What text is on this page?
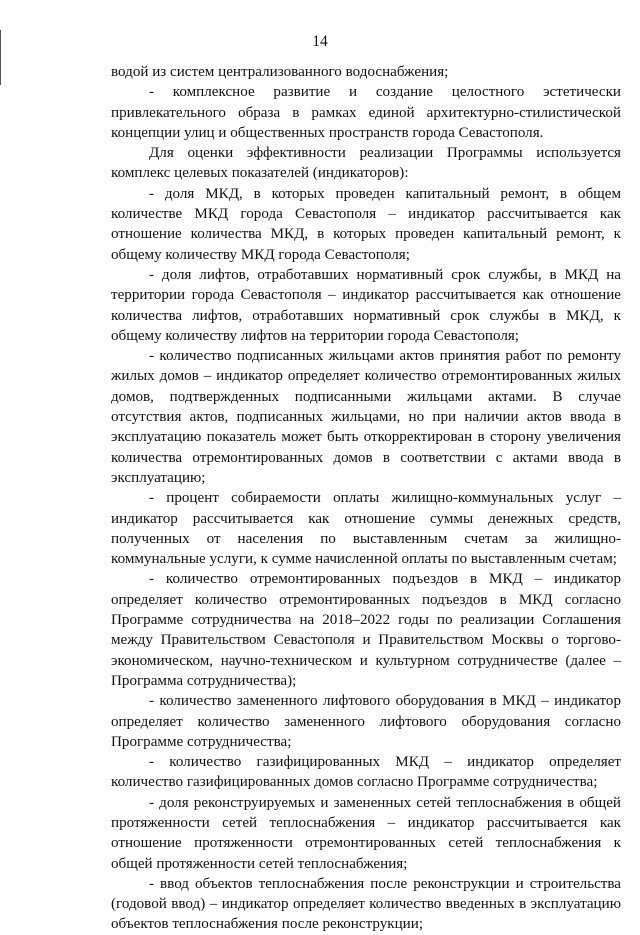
14

водой из систем централизованного водоснабжения;

- комплексное развитие и создание целостного эстетически привлекательного образа в рамках единой архитектурно-стилистической концепции улиц и общественных пространств города Севастополя.

Для оценки эффективности реализации Программы используется комплекс целевых показателей (индикаторов):

- доля МКД, в которых проведен капитальный ремонт, в общем количестве МКД города Севастополя – индикатор рассчитывается как отношение количества МКД, в которых проведен капитальный ремонт, к общему количеству МКД города Севастополя;

- доля лифтов, отработавших нормативный срок службы, в МКД на территории города Севастополя – индикатор рассчитывается как отношение количества лифтов, отработавших нормативный срок службы в МКД, к общему количеству лифтов на территории города Севастополя;

- количество подписанных жильцами актов принятия работ по ремонту жилых домов – индикатор определяет количество отремонтированных жилых домов, подтвержденных подписанными жильцами актами. В случае отсутствия актов, подписанных жильцами, но при наличии актов ввода в эксплуатацию показатель может быть откорректирован в сторону увеличения количества отремонтированных домов в соответствии с актами ввода в эксплуатацию;

- процент собираемости оплаты жилищно-коммунальных услуг – индикатор рассчитывается как отношение суммы денежных средств, полученных от населения по выставленным счетам за жилищно-коммунальные услуги, к сумме начисленной оплаты по выставленным счетам;

- количество отремонтированных подъездов в МКД – индикатор определяет количество отремонтированных подъездов в МКД согласно Программе сотрудничества на 2018–2022 годы по реализации Соглашения между Правительством Севастополя и Правительством Москвы о торгово-экономическом, научно-техническом и культурном сотрудничестве (далее – Программа сотрудничества);

- количество замененного лифтового оборудования в МКД – индикатор определяет количество замененного лифтового оборудования согласно Программе сотрудничества;

- количество газифицированных МКД – индикатор определяет количество газифицированных домов согласно Программе сотрудничества;

- доля реконструируемых и замененных сетей теплоснабжения в общей протяженности сетей теплоснабжения – индикатор рассчитывается как отношение протяженности отремонтированных сетей теплоснабжения к общей протяженности сетей теплоснабжения;

- ввод объектов теплоснабжения после реконструкции и строительства (годовой ввод) – индикатор определяет количество введенных в эксплуатацию объектов теплоснабжения после реконструкции;
